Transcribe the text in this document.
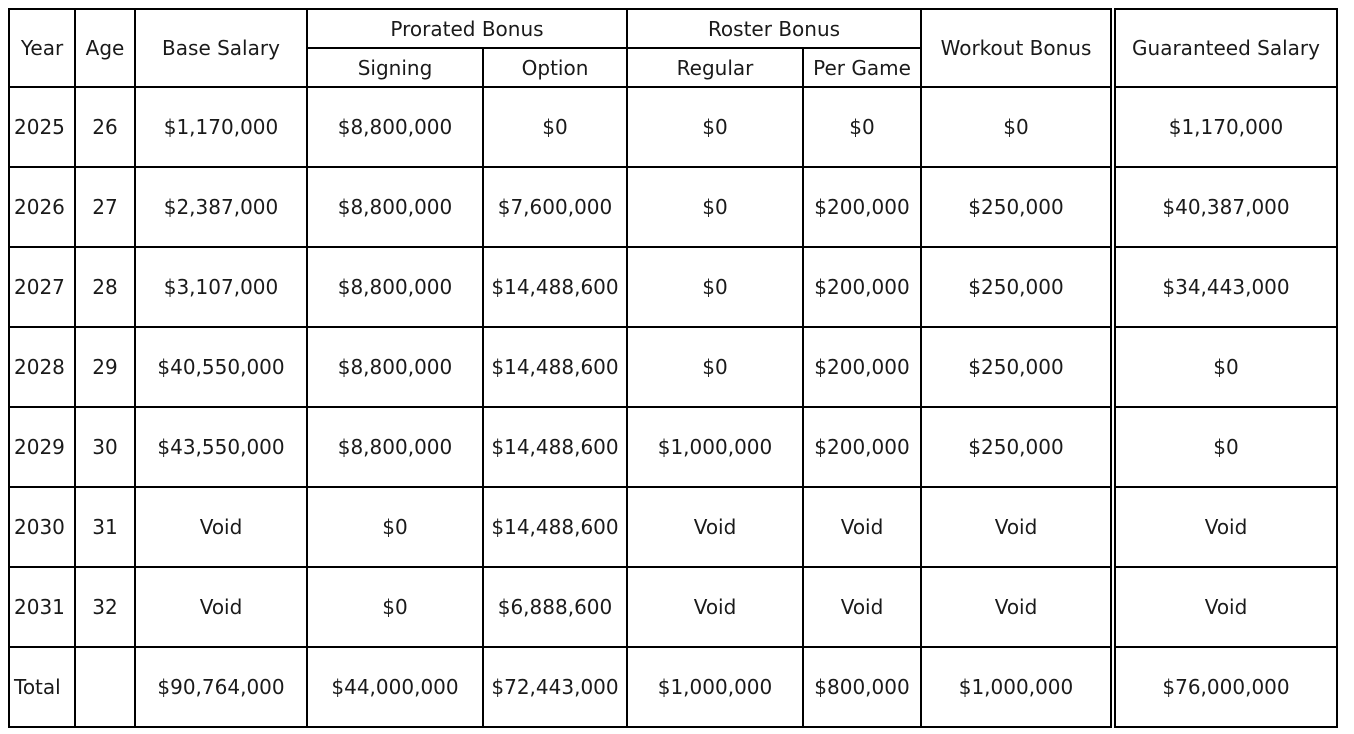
Year	Age	Base Salary	Prorated Bonus		Roster Bonus		Workout Bonus	Guaranteed Salary
			Signing	Option	Regular	Per Game		
2025	26	$1,170,000	$8,800,000	$0	$0	$0	$0	$1,170,000
2026	27	$2,387,000	$8,800,000	$7,600,000	$0	$200,000	$250,000	$40,387,000
2027	28	$3,107,000	$8,800,000	$14,488,600	$0	$200,000	$250,000	$34,443,000
2028	29	$40,550,000	$8,800,000	$14,488,600	$0	$200,000	$250,000	$0
2029	30	$43,550,000	$8,800,000	$14,488,600	$1,000,000	$200,000	$250,000	$0
2030	31	Void	$0	$14,488,600	Void	Void	Void	Void
2031	32	Void	$0	$6,888,600	Void	Void	Void	Void
Total		$90,764,000	$44,000,000	$72,443,000	$1,000,000	$800,000	$1,000,000	$76,000,000
